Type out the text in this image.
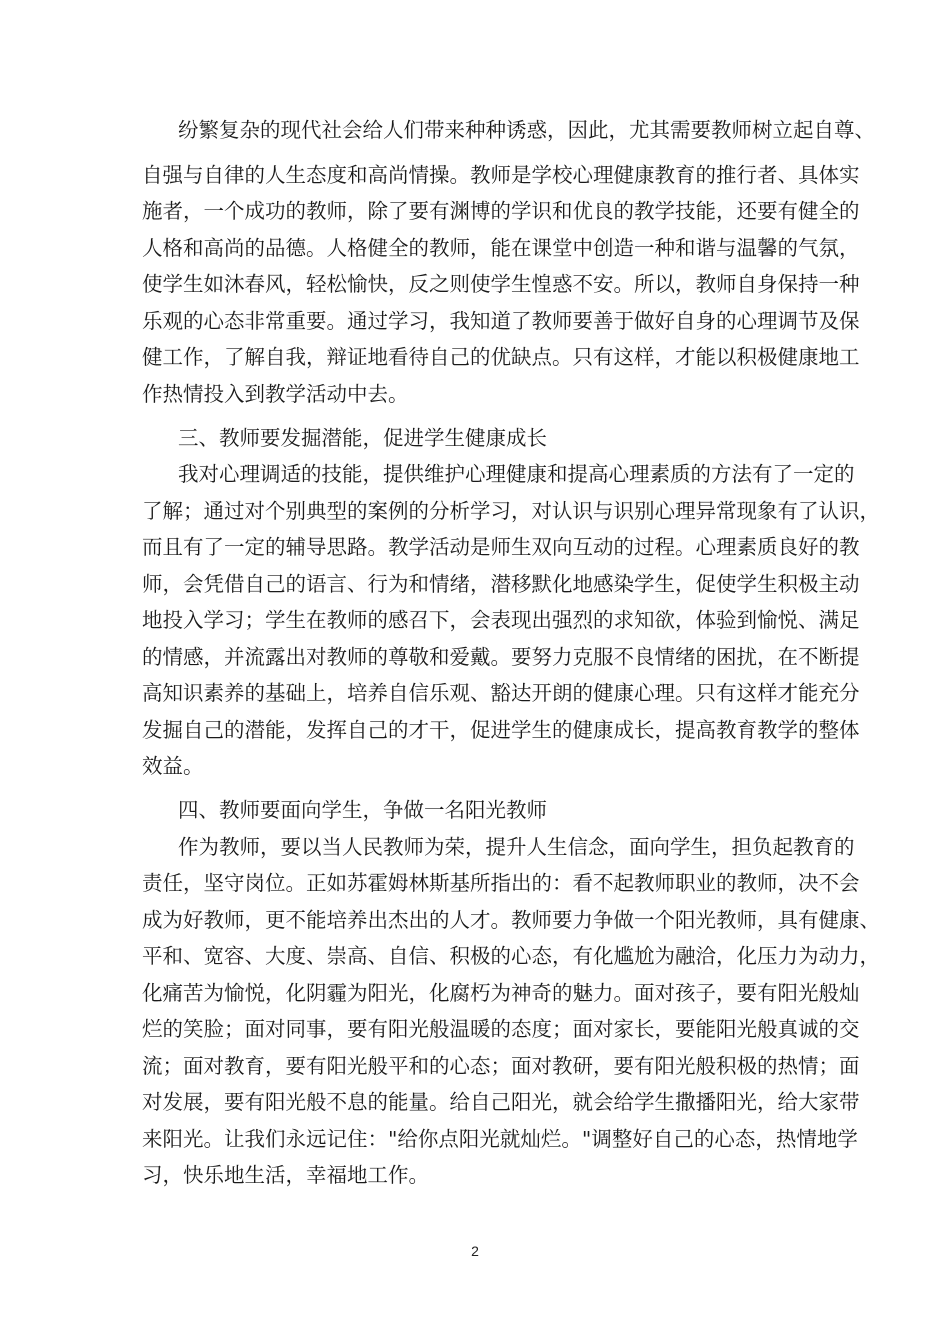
纷繁复杂的现代社会给人们带来种种诱惑，因此，尤其需要教师树立起自尊、
自强与自律的人生态度和高尚情操。教师是学校心理健康教育的推行者、具体实
施者，一个成功的教师，除了要有渊博的学识和优良的教学技能，还要有健全的
人格和高尚的品德。人格健全的教师，能在课堂中创造一种和谐与温馨的气氛，
使学生如沐春风，轻松愉快，反之则使学生惶惑不安。所以，教师自身保持一种
乐观的心态非常重要。通过学习，我知道了教师要善于做好自身的心理调节及保
健工作，了解自我，辩证地看待自己的优缺点。只有这样，才能以积极健康地工
作热情投入到教学活动中去。
三、教师要发掘潜能，促进学生健康成长
我对心理调适的技能，提供维护心理健康和提高心理素质的方法有了一定的
了解；通过对个别典型的案例的分析学习，对认识与识别心理异常现象有了认识，
而且有了一定的辅导思路。教学活动是师生双向互动的过程。心理素质良好的教
师，会凭借自己的语言、行为和情绪，潜移默化地感染学生，促使学生积极主动
地投入学习；学生在教师的感召下，会表现出强烈的求知欲，体验到愉悦、满足
的情感，并流露出对教师的尊敬和爱戴。要努力克服不良情绪的困扰，在不断提
高知识素养的基础上，培养自信乐观、豁达开朗的健康心理。只有这样才能充分
发掘自己的潜能，发挥自己的才干，促进学生的健康成长，提高教育教学的整体
效益。
四、教师要面向学生，争做一名阳光教师
作为教师，要以当人民教师为荣，提升人生信念，面向学生，担负起教育的
责任，坚守岗位。正如苏霍姆林斯基所指出的：看不起教师职业的教师，决不会
成为好教师，更不能培养出杰出的人才。教师要力争做一个阳光教师，具有健康、
平和、宽容、大度、崇高、自信、积极的心态，有化尴尬为融洽，化压力为动力，
化痛苦为愉悦，化阴霾为阳光，化腐朽为神奇的魅力。面对孩子，要有阳光般灿
烂的笑脸；面对同事，要有阳光般温暖的态度；面对家长，要能阳光般真诚的交
流；面对教育，要有阳光般平和的心态；面对教研，要有阳光般积极的热情；面
对发展，要有阳光般不息的能量。给自己阳光，就会给学生撒播阳光，给大家带
来阳光。让我们永远记住："给你点阳光就灿烂。"调整好自己的心态，热情地学
习，快乐地生活，幸福地工作。
2
